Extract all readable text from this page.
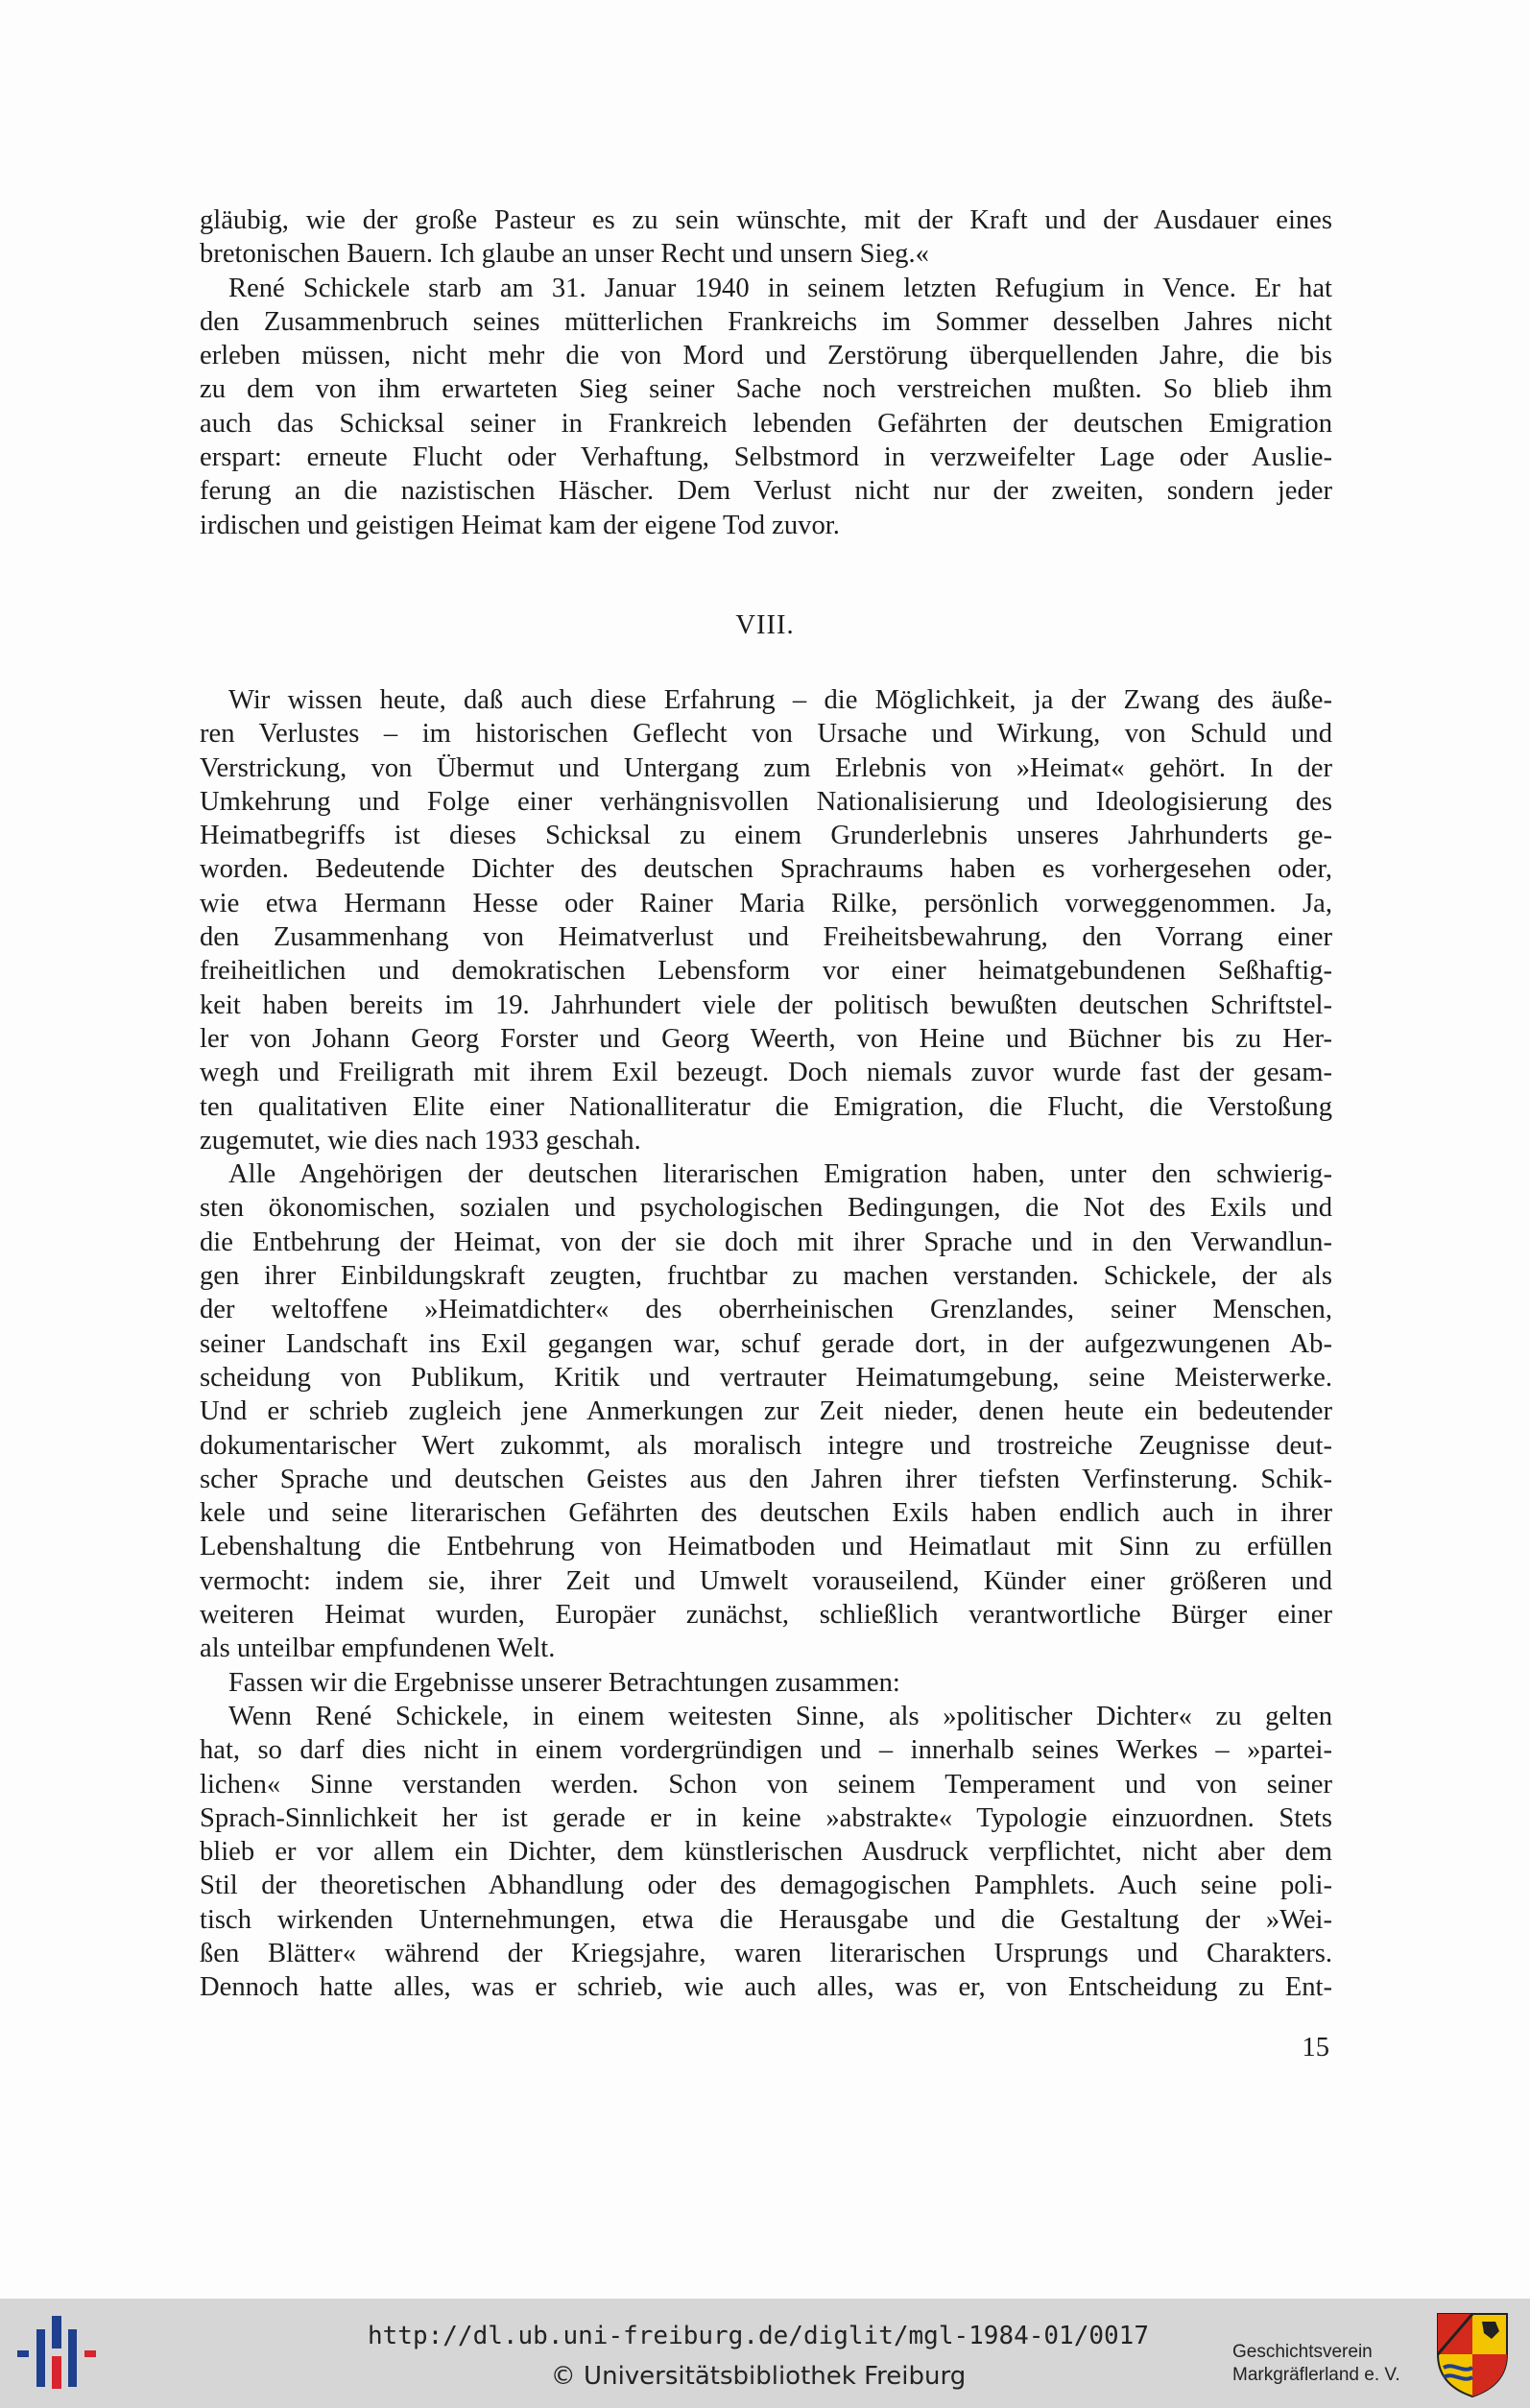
gläubig, wie der große Pasteur es zu sein wünschte, mit der Kraft und der Ausdauer eines

bretonischen Bauern. Ich glaube an unser Recht und unsern Sieg.«

René Schickele starb am 31. Januar 1940 in seinem letzten Refugium in Vence. Er hat

den Zusammenbruch seines mütterlichen Frankreichs im Sommer desselben Jahres nicht

erleben müssen, nicht mehr die von Mord und Zerstörung überquellenden Jahre, die bis

zu dem von ihm erwarteten Sieg seiner Sache noch verstreichen mußten. So blieb ihm

auch das Schicksal seiner in Frankreich lebenden Gefährten der deutschen Emigration

erspart: erneute Flucht oder Verhaftung, Selbstmord in verzweifelter Lage oder Auslie-

ferung an die nazistischen Häscher. Dem Verlust nicht nur der zweiten, sondern jeder

irdischen und geistigen Heimat kam der eigene Tod zuvor.

VIII.

Wir wissen heute, daß auch diese Erfahrung – die Möglichkeit, ja der Zwang des äuße-

ren Verlustes – im historischen Geflecht von Ursache und Wirkung, von Schuld und

Verstrickung, von Übermut und Untergang zum Erlebnis von »Heimat« gehört. In der

Umkehrung und Folge einer verhängnisvollen Nationalisierung und Ideologisierung des

Heimatbegriffs ist dieses Schicksal zu einem Grunderlebnis unseres Jahrhunderts ge-

worden. Bedeutende Dichter des deutschen Sprachraums haben es vorhergesehen oder,

wie etwa Hermann Hesse oder Rainer Maria Rilke, persönlich vorweggenommen. Ja,

den Zusammenhang von Heimatverlust und Freiheitsbewahrung, den Vorrang einer

freiheitlichen und demokratischen Lebensform vor einer heimatgebundenen Seßhaftig-

keit haben bereits im 19. Jahrhundert viele der politisch bewußten deutschen Schriftstel-

ler von Johann Georg Forster und Georg Weerth, von Heine und Büchner bis zu Her-

wegh und Freiligrath mit ihrem Exil bezeugt. Doch niemals zuvor wurde fast der gesam-

ten qualitativen Elite einer Nationalliteratur die Emigration, die Flucht, die Verstoßung

zugemutet, wie dies nach 1933 geschah.

Alle Angehörigen der deutschen literarischen Emigration haben, unter den schwierig-

sten ökonomischen, sozialen und psychologischen Bedingungen, die Not des Exils und

die Entbehrung der Heimat, von der sie doch mit ihrer Sprache und in den Verwandlun-

gen ihrer Einbildungskraft zeugten, fruchtbar zu machen verstanden. Schickele, der als

der weltoffene »Heimatdichter« des oberrheinischen Grenzlandes, seiner Menschen,

seiner Landschaft ins Exil gegangen war, schuf gerade dort, in der aufgezwungenen Ab-

scheidung von Publikum, Kritik und vertrauter Heimatumgebung, seine Meisterwerke.

Und er schrieb zugleich jene Anmerkungen zur Zeit nieder, denen heute ein bedeutender

dokumentarischer Wert zukommt, als moralisch integre und trostreiche Zeugnisse deut-

scher Sprache und deutschen Geistes aus den Jahren ihrer tiefsten Verfinsterung. Schik-

kele und seine literarischen Gefährten des deutschen Exils haben endlich auch in ihrer

Lebenshaltung die Entbehrung von Heimatboden und Heimatlaut mit Sinn zu erfüllen

vermocht: indem sie, ihrer Zeit und Umwelt vorauseilend, Künder einer größeren und

weiteren Heimat wurden, Europäer zunächst, schließlich verantwortliche Bürger einer

als unteilbar empfundenen Welt.

Fassen wir die Ergebnisse unserer Betrachtungen zusammen:

Wenn René Schickele, in einem weitesten Sinne, als »politischer Dichter« zu gelten

hat, so darf dies nicht in einem vordergründigen und – innerhalb seines Werkes – »partei-

lichen« Sinne verstanden werden. Schon von seinem Temperament und von seiner

Sprach-Sinnlichkeit her ist gerade er in keine »abstrakte« Typologie einzuordnen. Stets

blieb er vor allem ein Dichter, dem künstlerischen Ausdruck verpflichtet, nicht aber dem

Stil der theoretischen Abhandlung oder des demagogischen Pamphlets. Auch seine poli-

tisch wirkenden Unternehmungen, etwa die Herausgabe und die Gestaltung der »Wei-

ßen Blätter« während der Kriegsjahre, waren literarischen Ursprungs und Charakters.

Dennoch hatte alles, was er schrieb, wie auch alles, was er, von Entscheidung zu Ent-

15
http://dl.ub.uni-freiburg.de/diglit/mgl-1984-01/0017
© Universitätsbibliothek Freiburg
Geschichtsverein
Markgräflerland e. V.
